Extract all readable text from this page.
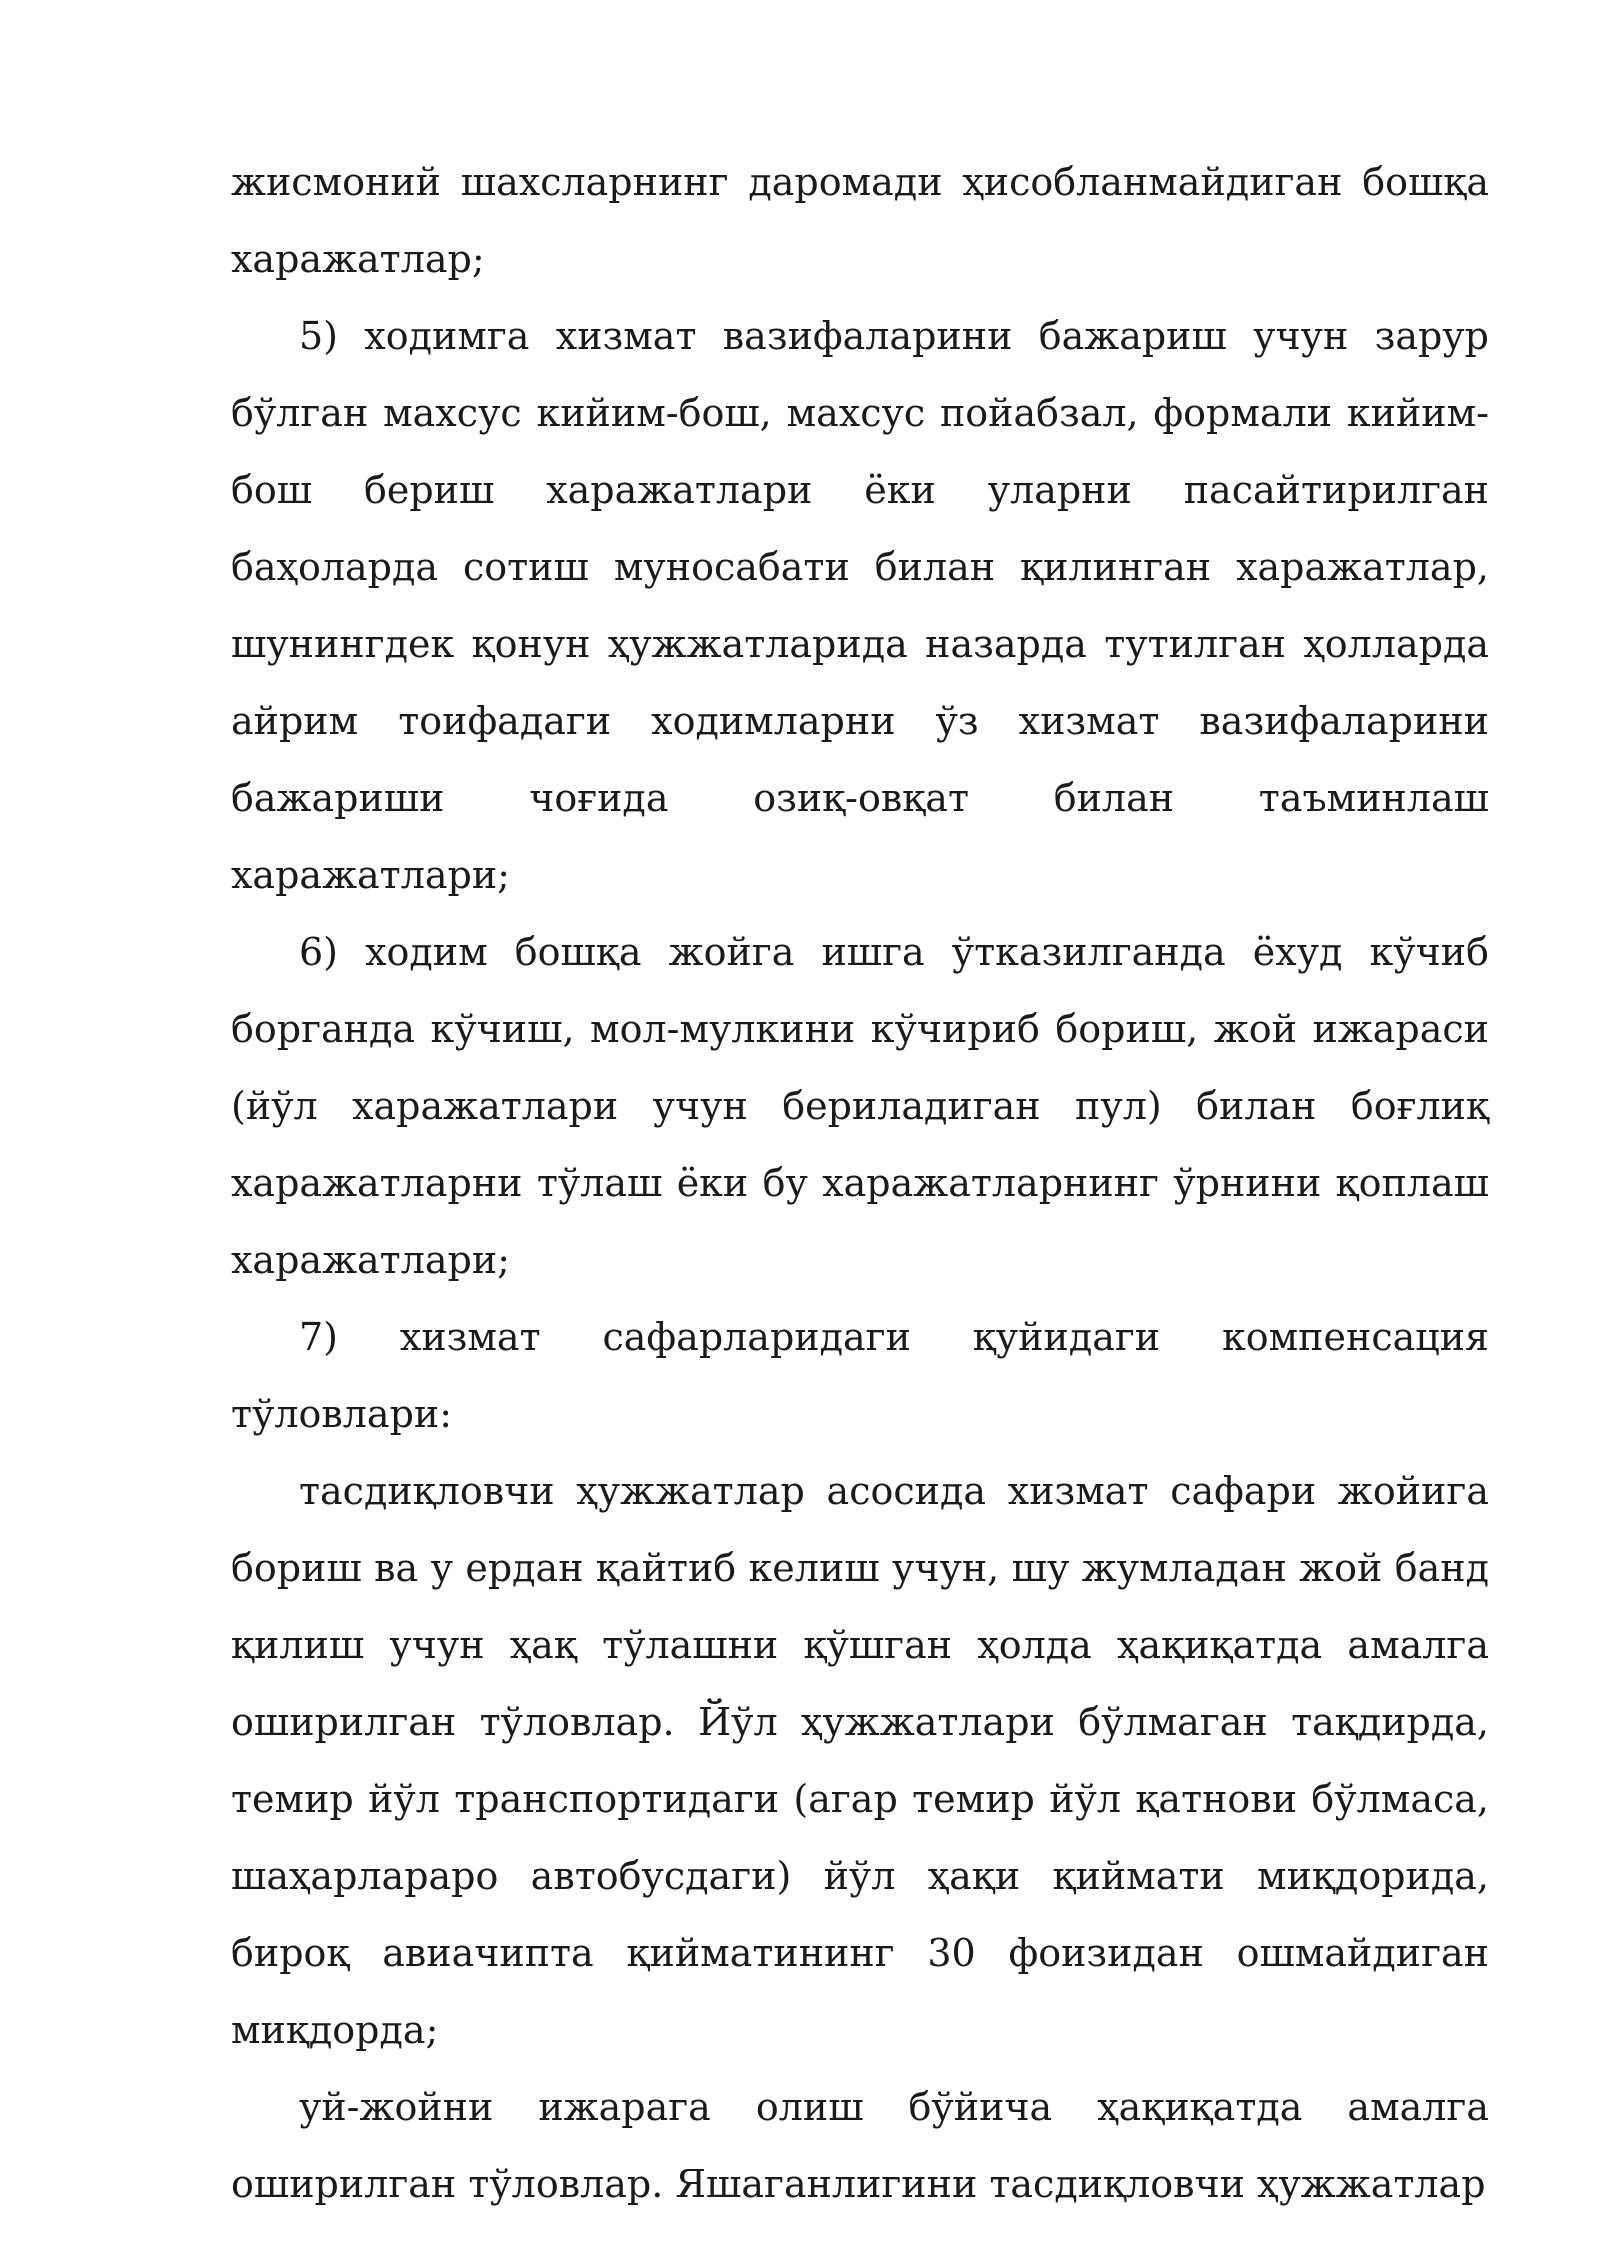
жисмоний шахсларнинг даромади ҳисобланмайдиган бошқа харажатлар;

5) ходимга хизмат вазифаларини бажариш учун зарур бўлган махсус кийим-бош, махсус пойабзал, формали кийим-бош бериш харажатлари ёки уларни пасайтирилган баҳоларда сотиш муносабати билан қилинган харажатлар, шунингдек қонун ҳужжатларида назарда тутилган ҳолларда айрим тоифадаги ходимларни ўз хизмат вазифаларини бажариши чоғида озиқ-овқат билан таъминлаш харажатлари;

6) ходим бошқа жойга ишга ўтказилганда ёхуд кўчиб борганда кўчиш, мол-мулкини кўчириб бориш, жой ижараси (йўл харажатлари учун бериладиган пул) билан боғлиқ харажатларни тўлаш ёки бу харажатларнинг ўрнини қоплаш харажатлари;

7) хизмат сафарларидаги қуйидаги компенсация тўловлари:

тасдиқловчи ҳужжатлар асосида хизмат сафари жойига бориш ва у ердан қайтиб келиш учун, шу жумладан жой банд қилиш учун ҳақ тўлашни қўшган ҳолда ҳақиқатда амалга оширилган тўловлар. Йўл ҳужжатлари бўлмаган тақдирда, темир йўл транспортидаги (агар темир йўл қатнови бўлмаса, шаҳарлараро автобусдаги) йўл ҳақи қиймати миқдорида, бироқ авиачипта қийматининг 30 фоизидан ошмайдиган миқдорда;

уй-жойни ижарага олиш бўйича ҳақиқатда амалга оширилган тўловлар. Яшаганлигини тасдиқловчи ҳужжатлар
